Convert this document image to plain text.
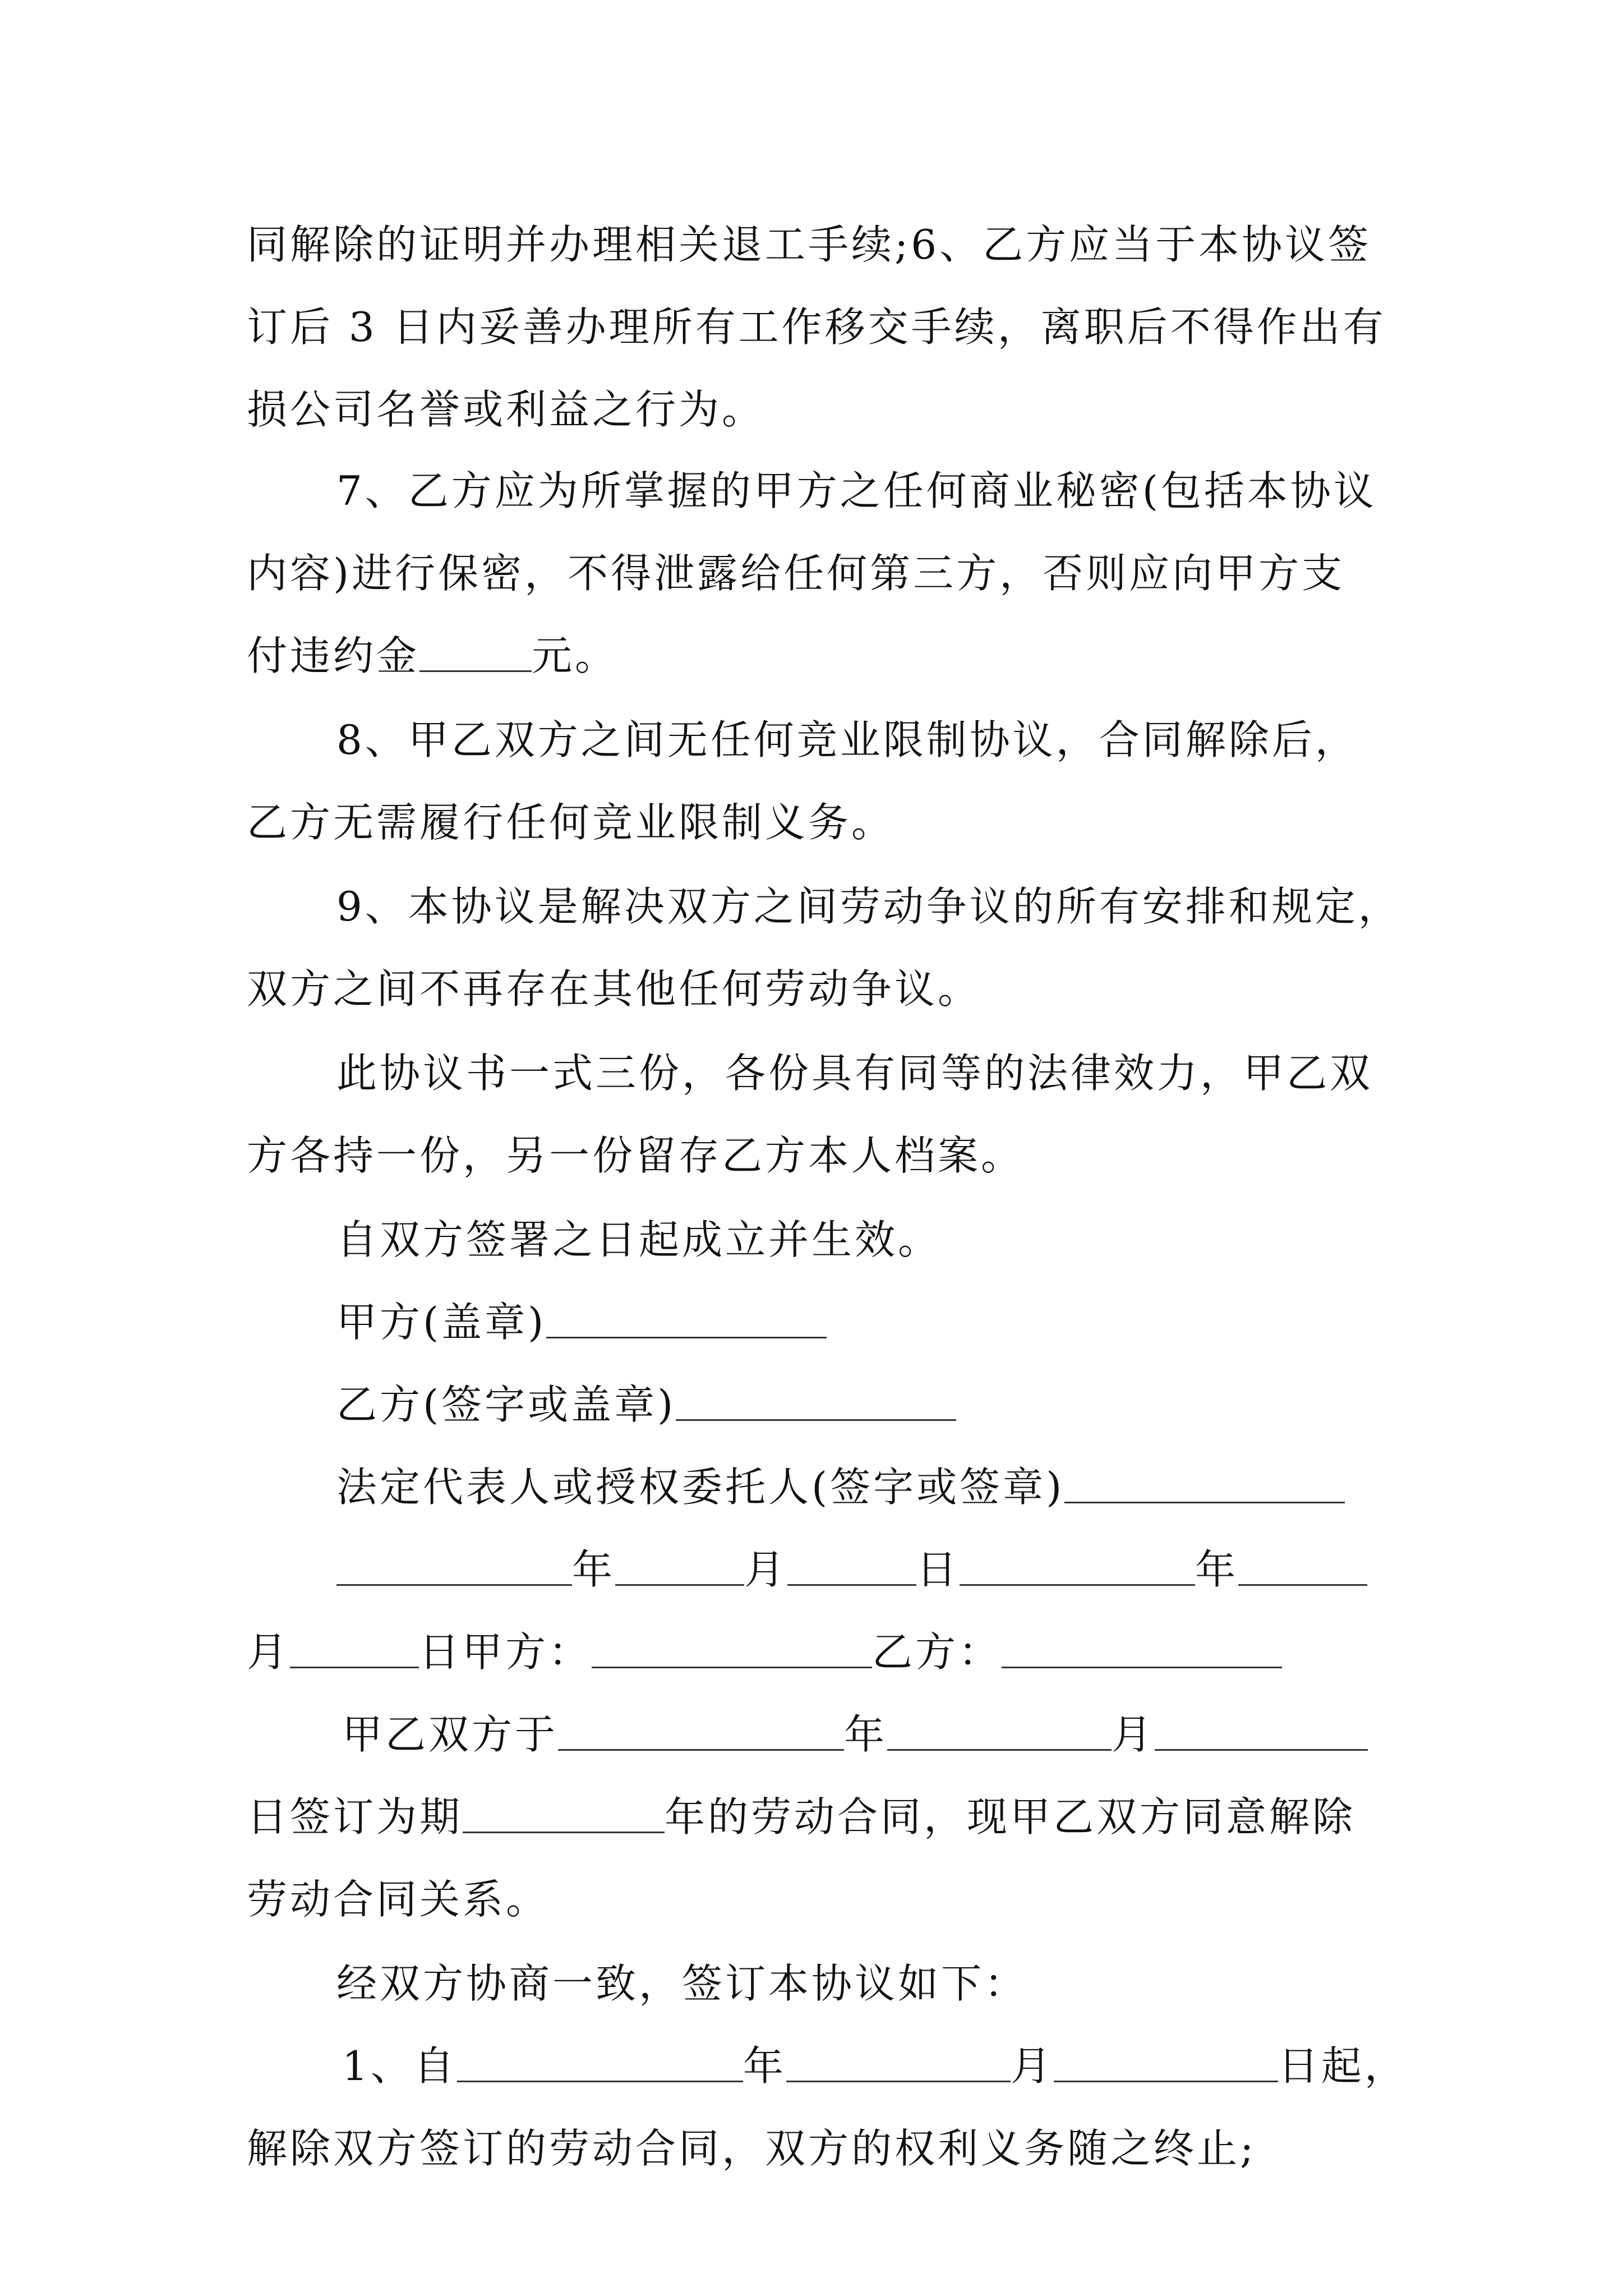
同解除的证明并办理相关退工手续;6、乙方应当于本协议签
订后 3 日内妥善办理所有工作移交手续，离职后不得作出有
损公司名誉或利益之行为。
7、乙方应为所掌握的甲方之任何商业秘密(包括本协议
内容)进行保密，不得泄露给任何第三方，否则应向甲方支
付违约金	元。
8、甲乙双方之间无任何竞业限制协议，合同解除后，
乙方无需履行任何竞业限制义务。
9、本协议是解决双方之间劳动争议的所有安排和规定，
双方之间不再存在其他任何劳动争议。
此协议书一式三份，各份具有同等的法律效力，甲乙双
方各持一份，另一份留存乙方本人档案。
自双方签署之日起成立并生效。
甲方(盖章)
乙方(签字或盖章)
法定代表人或授权委托人(签字或签章)
年	月	日	年
月	日甲方：	乙方：
甲乙双方于	年	月
日签订为期	年的劳动合同，现甲乙双方同意解除
劳动合同关系。
经双方协商一致，签订本协议如下：
1、自	年	月	日起，
解除双方签订的劳动合同，双方的权利义务随之终止;
